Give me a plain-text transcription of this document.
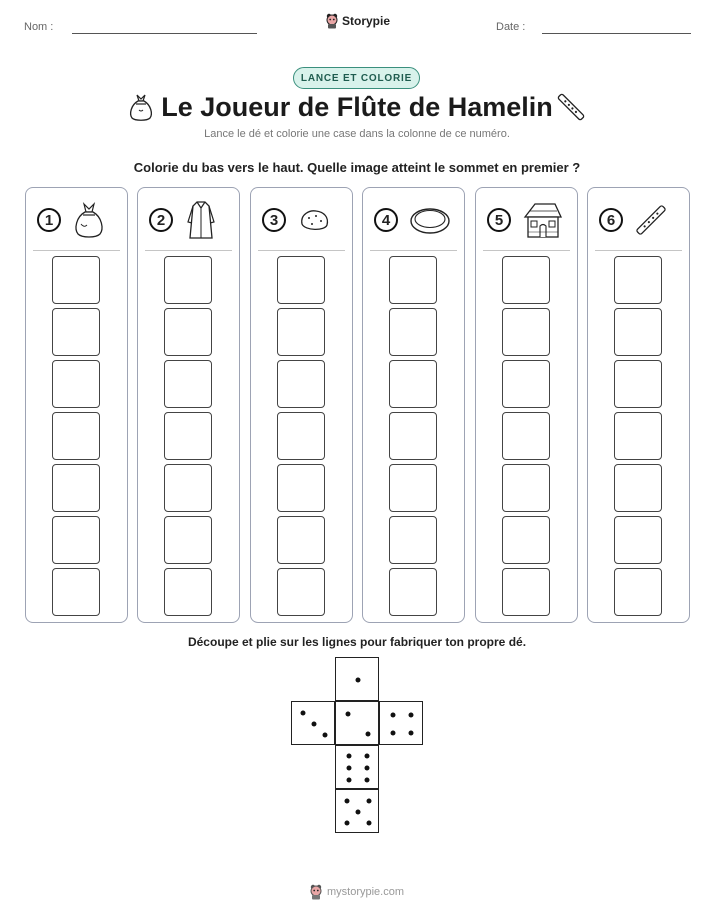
Nom :	Storypie	Date :
LANCE ET COLORIE
Le Joueur de Flûte de Hamelin
Lance le dé et colorie une case dans la colonne de ce numéro.
Colorie du bas vers le haut. Quelle image atteint le sommet en premier ?
1	2	3	4	5	6
Découpe et plie sur les lignes pour fabriquer ton propre dé.
mystorypie.com
